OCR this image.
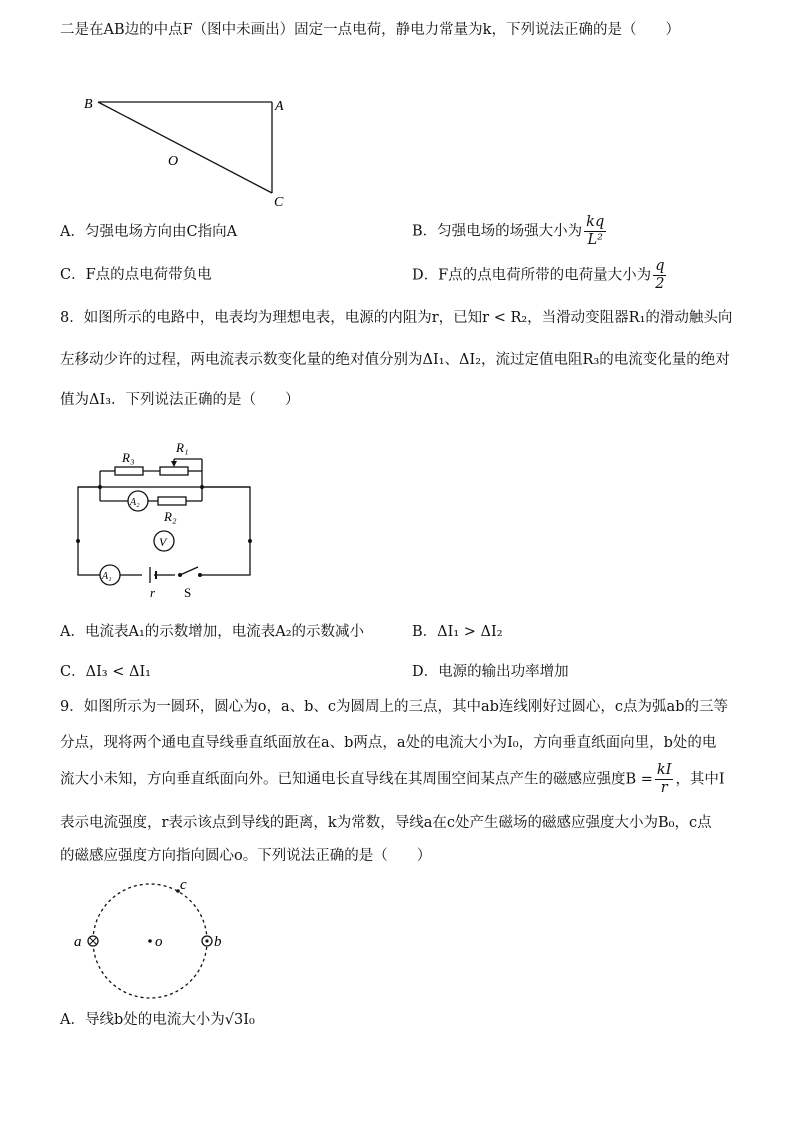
二是在AB边的中点F（图中未画出）固定一点电荷，静电力常量为k，下列说法正确的是（　　）
B	A
O
C
A．匀强电场方向由C指向A	B．匀强电场的场强大小为 $\frac{kq}{\text{L²}}$
C．F点的点电荷带负电	D．F点的点电荷所带的电荷量大小为 $\frac{q}{2}$
8．如图所示的电路中，电表均为理想电表，电源的内阻为r，已知r < R₂，当滑动变阻器R₁的滑动触头向
左移动少许的过程，两电流表示数变化量的绝对值分别为ΔI₁、ΔI₂，流过定值电阻R₃的电流变化量的绝对
值为ΔI₃．下列说法正确的是（　　）
R₃
R₁
A₂
R₂
V
A₁
r S
A．电流表A₁的示数增加，电流表A₂的示数减小	B．ΔI₁ > ΔI₂
C．ΔI₃ < ΔI₁	D．电源的输出功率增加
9．如图所示为一圆环，圆心为o，a、b、c为圆周上的三点，其中ab连线刚好过圆心，c点为弧ab的三等
分点，现将两个通电直导线垂直纸面放在a、b两点，a处的电流大小为I₀，方向垂直纸面向里，b处的电
流大小未知，方向垂直纸面向外。已知通电长直导线在其周围空间某点产生的磁感应强度$B = \frac{kI}{r}$ ，其中I
表示电流强度，r表示该点到导线的距离，k为常数，导线a在c处产生磁场的磁感应强度大小为B₀，c点
的磁感应强度方向指向圆心o。下列说法正确的是（　　）
a	o	b
c
A．导线b处的电流大小为√3I₀
